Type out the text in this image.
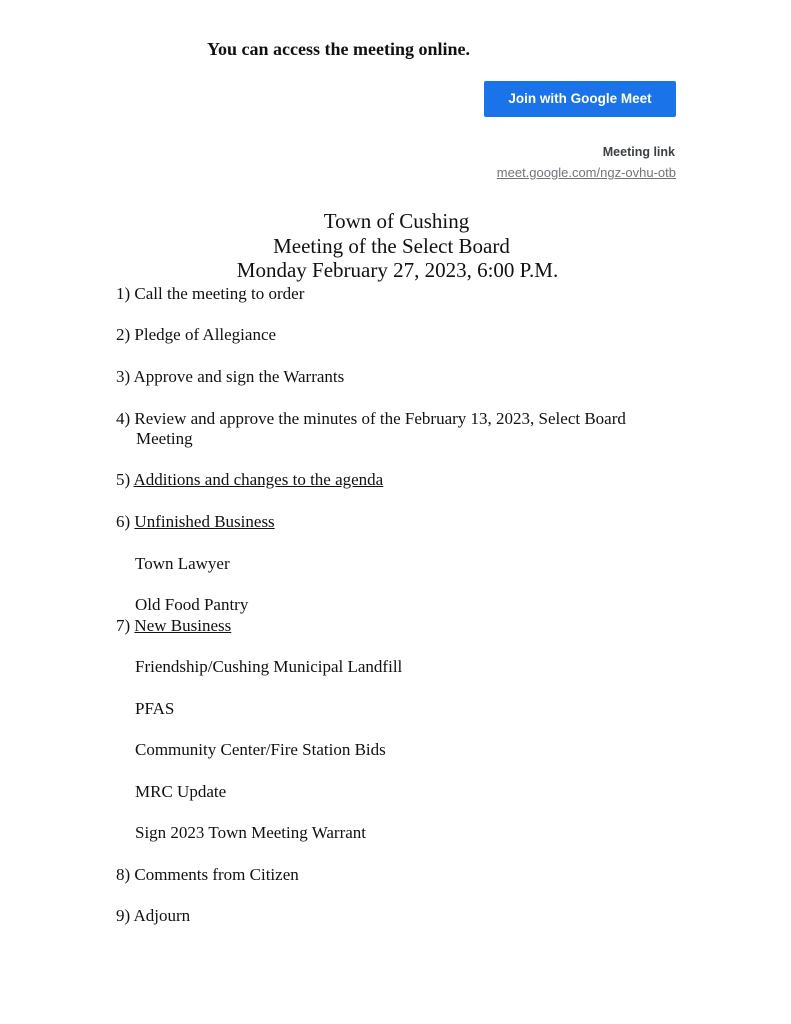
You can access the meeting online.
Join with Google Meet
Meeting link
meet.google.com/ngz-ovhu-otb
Town of Cushing
Meeting of the Select Board
Monday February 27, 2023, 6:00 P.M.
1) Call the meeting to order
2) Pledge of Allegiance
3) Approve and sign the Warrants
4) Review and approve the minutes of the February 13, 2023, Select Board
Meeting
5) Additions and changes to the agenda
6) Unfinished Business
Town Lawyer
Old Food Pantry
7) New Business
Friendship/Cushing Municipal Landfill
PFAS
Community Center/Fire Station Bids
MRC Update
Sign 2023 Town Meeting Warrant
8) Comments from Citizen
9) Adjourn
